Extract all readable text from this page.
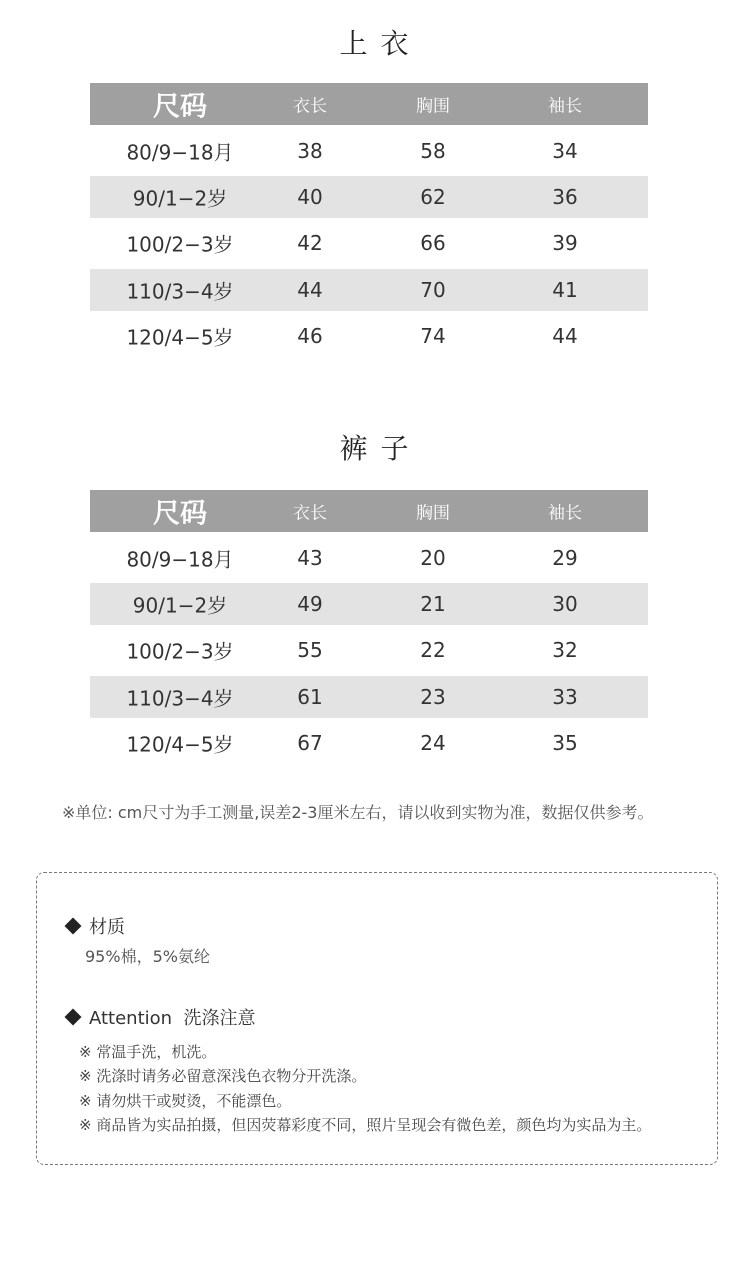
上 衣
尺码	衣长	胸围	袖长
80/9−18月	38	58	34
90/1−2岁	40	62	36
100/2−3岁	42	66	39
110/3−4岁	44	70	41
120/4−5岁	46	74	44
裤 子
尺码	衣长	胸围	袖长
80/9−18月	43	20	29
90/1−2岁	49	21	30
100/2−3岁	55	22	32
110/3−4岁	61	23	33
120/4−5岁	67	24	35
※单位: cm尺寸为手工测量,误差2-3厘米左右，请以收到实物为准，数据仅供参考。
材质
95%棉，5%氨纶
Attention  洗涤注意
※ 常温手洗，机洗。
※ 洗涤时请务必留意深浅色衣物分开洗涤。
※ 请勿烘干或熨烫，不能漂色。
※ 商品皆为实品拍摄，但因荧幕彩度不同，照片呈现会有微色差，颜色均为实品为主。
